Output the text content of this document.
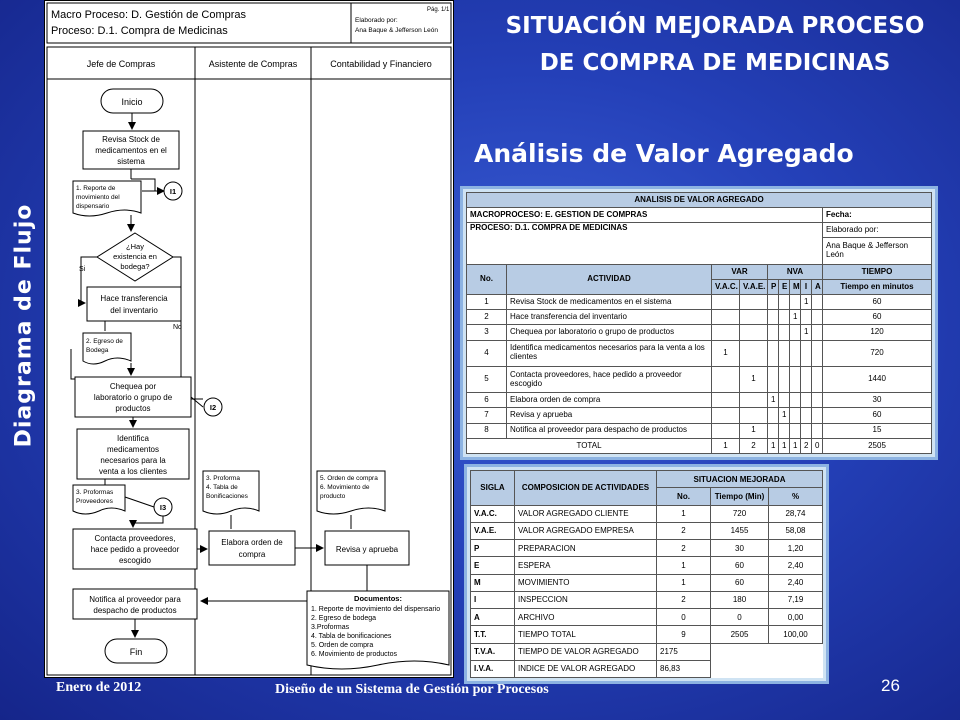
Diagrama de Flujo
Macro Proceso: D. Gestión de Compras
Proceso: D.1. Compra de Medicinas
Pág. 1/1
Elaborado por:
Ana Baque & Jefferson León
Jefe de Compras	Asistente de Compras	Contabilidad y Financiero
Inicio
Revisa Stock de
medicamentos en el
sistema
1. Reporte de
movimiento del
dispensario
I1
¿Hay
existencia en
bodega?
Si
No
Hace transferencia
del inventario
2. Egreso de
Bodega
Chequea por
laboratorio o grupo de
productos	I2
Identifica
medicamentos
necesarios para la
venta a los clientes
3. Proformas
Proveedores
I3
3. Proforma
4. Tabla de
Bonificaciones
5. Orden de compra
6. Movimiento de
producto
Contacta proveedores,
hace pedido a proveedor
escogido
Elabora orden de
compra
Revisa y aprueba
Notifica al proveedor para
despacho de productos
Fin
Documentos:
1. Reporte de movimiento del dispensario
2. Egreso de bodega
3.Proformas
4. Tabla de bonificaciones
5. Orden de compra
6. Movimiento de productos
SITUACIÓN MEJORADA PROCESO
DE COMPRA DE MEDICINAS
Análisis de Valor Agregado
ANALISIS DE VALOR AGREGADO									
MACROPROCESO: E. GESTION DE COMPRAS									Fecha:
PROCESO: D.1. COMPRA DE MEDICINAS									Elaborado por:
									Ana Baque & Jefferson León
No.	ACTIVIDAD	VAR		NVA					TIEMPO
		V.A.C.	V.A.E.	P	E	M	I	A	Tiempo en minutos
1	Revisa Stock de medicamentos en el sistema						1		60
2	Hace transferencia del inventario					1			60
3	Chequea por laboratorio o grupo de productos						1		120
4	Identifica medicamentos necesarios para la venta a los clientes	1							720
5	Contacta proveedores, hace pedido a proveedor escogido		1						1440
6	Elabora orden de compra			1					30
7	Revisa y aprueba				1				60
8	Notifica al proveedor para despacho de productos		1						15
TOTAL		1	2	1	1	1	2	0	2505
SIGLA	COMPOSICION DE ACTIVIDADES	SITUACION MEJORADA		
		No.	Tiempo (Min)	%
V.A.C.	VALOR AGREGADO CLIENTE	1	720	28,74
V.A.E.	VALOR AGREGADO EMPRESA	2	1455	58,08
P	PREPARACION	2	30	1,20
E	ESPERA	1	60	2,40
M	MOVIMIENTO	1	60	2,40
I	INSPECCION	2	180	7,19
A	ARCHIVO	0	0	0,00
T.T.	TIEMPO TOTAL	9	2505	100,00
T.V.A.	TIEMPO DE VALOR AGREGADO	2175		
I.V.A.	INDICE DE VALOR AGREGADO	86,83		
Enero de 2012	Diseño de un Sistema de Gestión por Procesos	26
